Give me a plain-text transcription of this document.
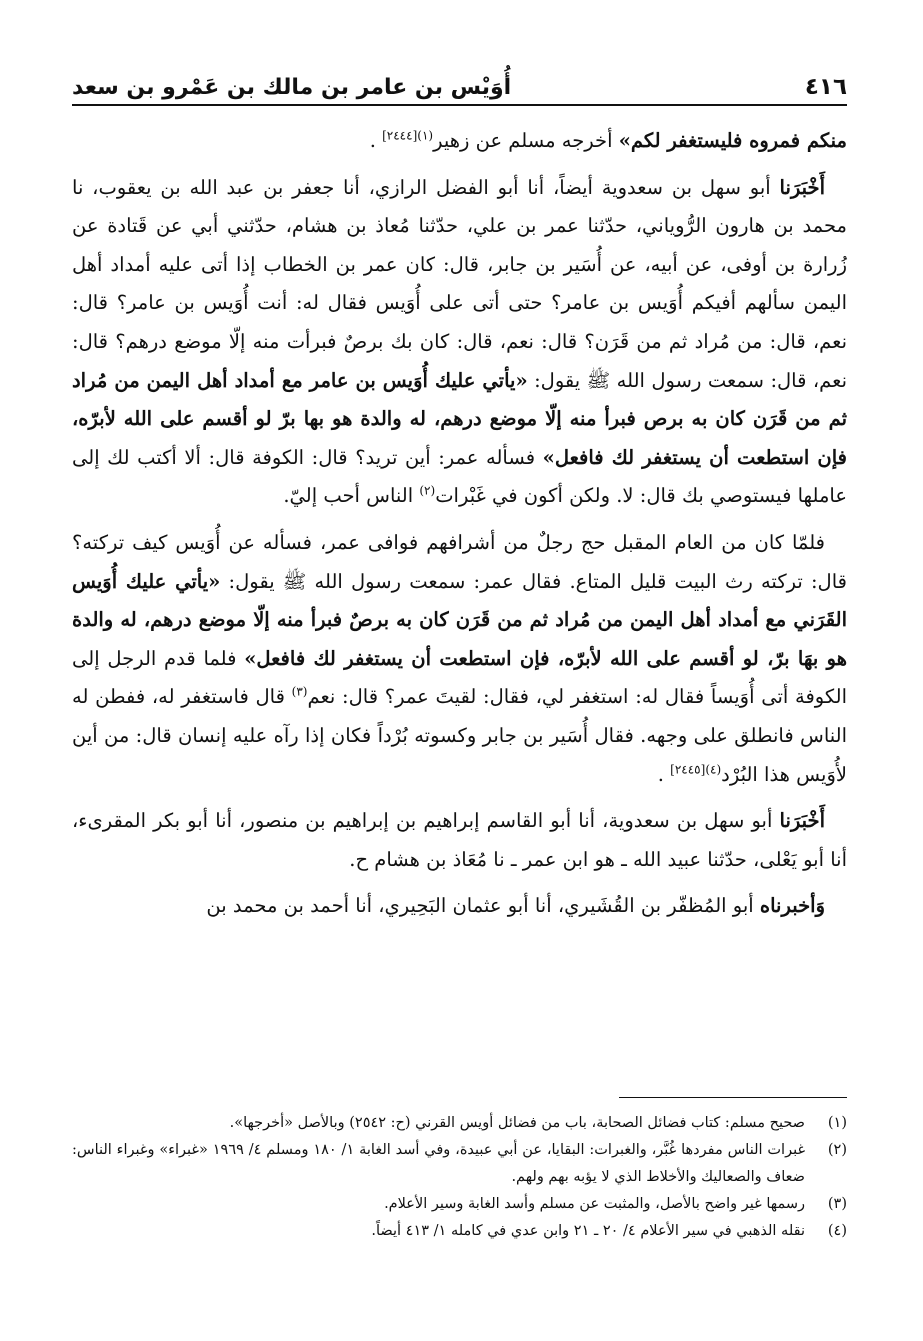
٤١٦
أُوَيْس بن عامر بن مالك بن عَمْرو بن سعد

منكم فمروه فليستغفر لكم» أخرجه مسلم عن زهير$^{(١)[٢٤٤٤]}$ .

أَخْبَرَنا أبو سهل بن سعدوية أيضاً، أنا أبو الفضل الرازي، أنا جعفر بن عبد الله بن يعقوب، نا محمد بن هارون الرُّوياني، حدّثنا عمر بن علي، حدّثنا مُعاذ بن هشام، حدّثني أبي عن قَتادة عن زُرارة بن أوفى، عن أبيه، عن أُسَير بن جابر، قال: كان عمر بن الخطاب إذا أتى عليه أمداد أهل اليمن سألهم أفيكم أُوَيس بن عامر؟ حتى أتى على أُوَيس فقال له: أنت أُوَيس بن عامر؟ قال: نعم، قال: من مُراد ثم من قَرَن؟ قال: نعم، قال: كان بك برصٌ فبرأت منه إلّا موضع درهم؟ قال: نعم، قال: سمعت رسول الله ﷺ يقول: «يأتي عليك أُوَيس بن عامر مع أمداد أهل اليمن من مُراد ثم من قَرَن كان به برص فبرأ منه إلّا موضع درهم، له والدة هو بها برّ لو أقسم على الله لأبرّه، فإن استطعت أن يستغفر لك فافعل» فسأله عمر: أين تريد؟ قال: الكوفة قال: ألا أكتب لك إلى عاملها فيستوصي بك قال: لا. ولكن أكون في غَبْرات$^{(٢)}$ الناس أحب إليّ.

فلمّا كان من العام المقبل حج رجلٌ من أشرافهم فوافى عمر، فسأله عن أُوَيس كيف تركته؟ قال: تركته رث البيت قليل المتاع. فقال عمر: سمعت رسول الله ﷺ يقول: «يأتي عليك أُوَيس القَرَني مع أمداد أهل اليمن من مُراد ثم من قَرَن كان به برصٌ فبرأ منه إلّا موضع درهم، له والدة هو بهَا برّ، لو أقسم على الله لأبرّه، فإن استطعت أن يستغفر لك فافعل» فلما قدم الرجل إلى الكوفة أتى أُوَيساً فقال له: استغفر لي، فقال: لقيتَ عمر؟ قال: نعم$^{(٣)}$ قال فاستغفر له، ففطن له الناس فانطلق على وجهه. فقال أُسَير بن جابر وكسوته بُرْداً فكان إذا رآه عليه إنسان قال: من أين لأُوَيس هذا البُرْد$^{(٤)[٢٤٤٥]}$ .

أَخْبَرَنا أبو سهل بن سعدوية، أنا أبو القاسم إبراهيم بن إبراهيم بن منصور، أنا أبو بكر المقرىء، أنا أبو يَعْلى، حدّثنا عبيد الله ـ هو ابن عمر ـ نا مُعَاذ بن هشام ح.

وَأخبرناه أبو المُظفّر بن القُشَيري، أنا أبو عثمان البَحِيري، أنا أحمد بن محمد بن

(١)
صحيح مسلم: كتاب فضائل الصحابة، باب من فضائل أويس القرني (ح: ٢٥٤٢) وبالأصل «أخرجها».
(٢)
غبرات الناس مفردها غُبَّر، والغبرات: البقايا، عن أبي عبيدة، وفي أسد الغابة ١/ ١٨٠ ومسلم ٤/ ١٩٦٩ «غبراء» وغبراء الناس: ضعاف والصعاليك والأخلاط الذي لا يؤبه بهم ولهم.
(٣)
رسمها غير واضح بالأصل، والمثبت عن مسلم وأسد الغابة وسير الأعلام.
(٤)
نقله الذهبي في سير الأعلام ٤/ ٢٠ ـ ٢١ وابن عدي في كامله ١/ ٤١٣ أيضاً.
